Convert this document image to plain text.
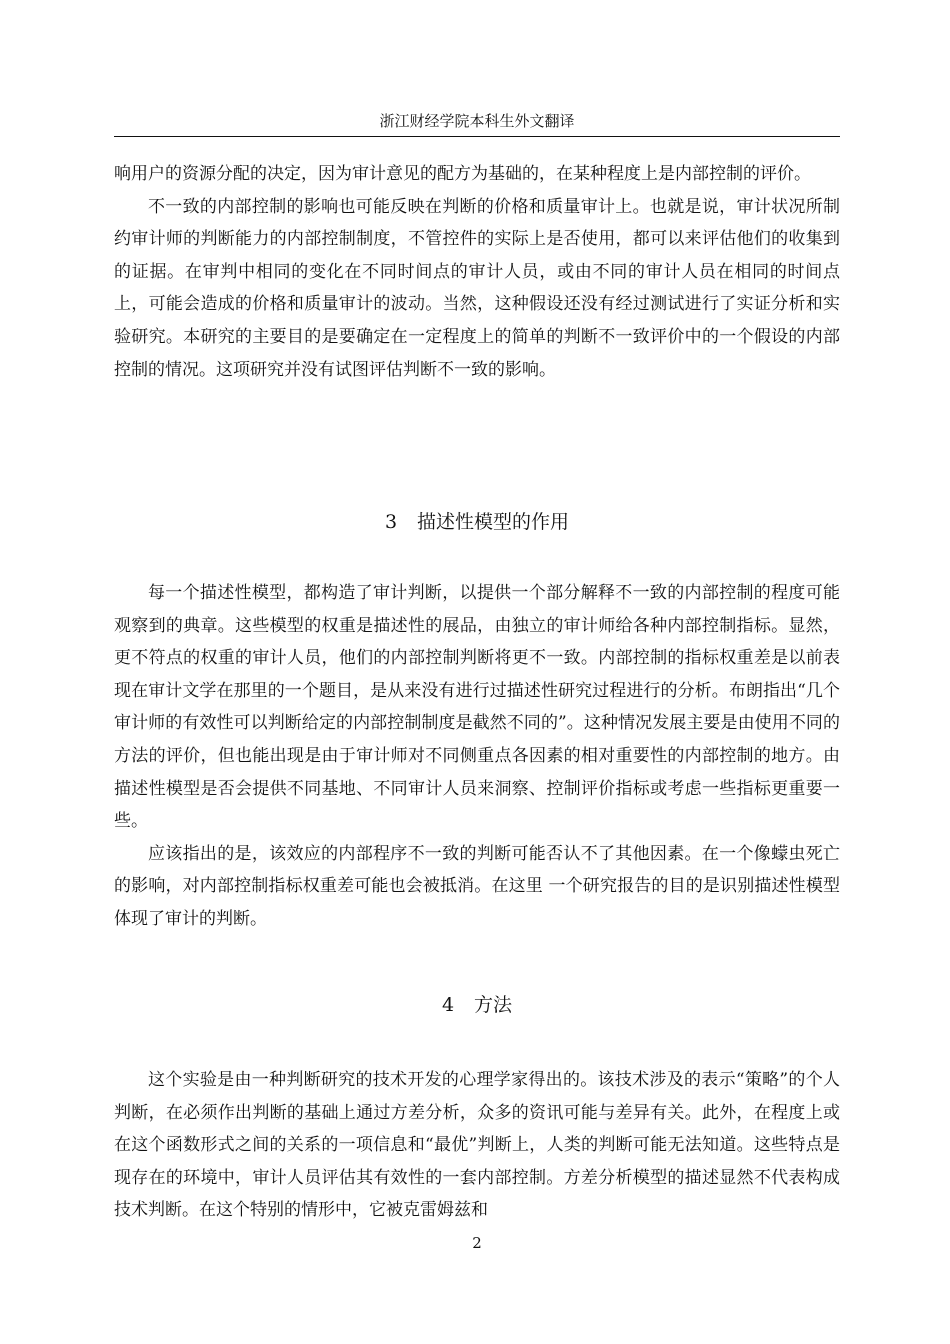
浙江财经学院本科生外文翻译

响用户的资源分配的决定，因为审计意见的配方为基础的，在某种程度上是内部控制的评价。

不一致的内部控制的影响也可能反映在判断的价格和质量审计上。也就是说，审计状况所制约审计师的判断能力的内部控制制度，不管控件的实际上是否使用，都可以来评估他们的收集到的证据。在审判中相同的变化在不同时间点的审计人员，或由不同的审计人员在相同的时间点上，可能会造成的价格和质量审计的波动。当然，这种假设还没有经过测试进行了实证分析和实验研究。本研究的主要目的是要确定在一定程度上的简单的判断不一致评价中的一个假设的内部控制的情况。这项研究并没有试图评估判断不一致的影响。

3 描述性模型的作用

每一个描述性模型，都构造了审计判断，以提供一个部分解释不一致的内部控制的程度可能观察到的典章。这些模型的权重是描述性的展品，由独立的审计师给各种内部控制指标。显然，更不符点的权重的审计人员，他们的内部控制判断将更不一致。内部控制的指标权重差是以前表现在审计文学在那里的一个题目，是从来没有进行过描述性研究过程进行的分析。布朗指出“几个审计师的有效性可以判断给定的内部控制制度是截然不同的”。这种情况发展主要是由使用不同的方法的评价，但也能出现是由于审计师对不同侧重点各因素的相对重要性的内部控制的地方。由描述性模型是否会提供不同基地、不同审计人员来洞察、控制评价指标或考虑一些指标更重要一些。

应该指出的是，该效应的内部程序不一致的判断可能否认不了其他因素。在一个像蠓虫死亡的影响，对内部控制指标权重差可能也会被抵消。在这里 一个研究报告的目的是识别描述性模型 体现了审计的判断。

4 方法

这个实验是由一种判断研究的技术开发的心理学家得出的。该技术涉及的表示“策略”的个人判断，在必须作出判断的基础上通过方差分析，众多的资讯可能与差异有关。此外，在程度上或在这个函数形式之间的关系的一项信息和“最优”判断上，人类的判断可能无法知道。这些特点是现存在的环境中，审计人员评估其有效性的一套内部控制。方差分析模型的描述显然不代表构成技术判断。在这个特别的情形中，它被克雷姆兹和

2
